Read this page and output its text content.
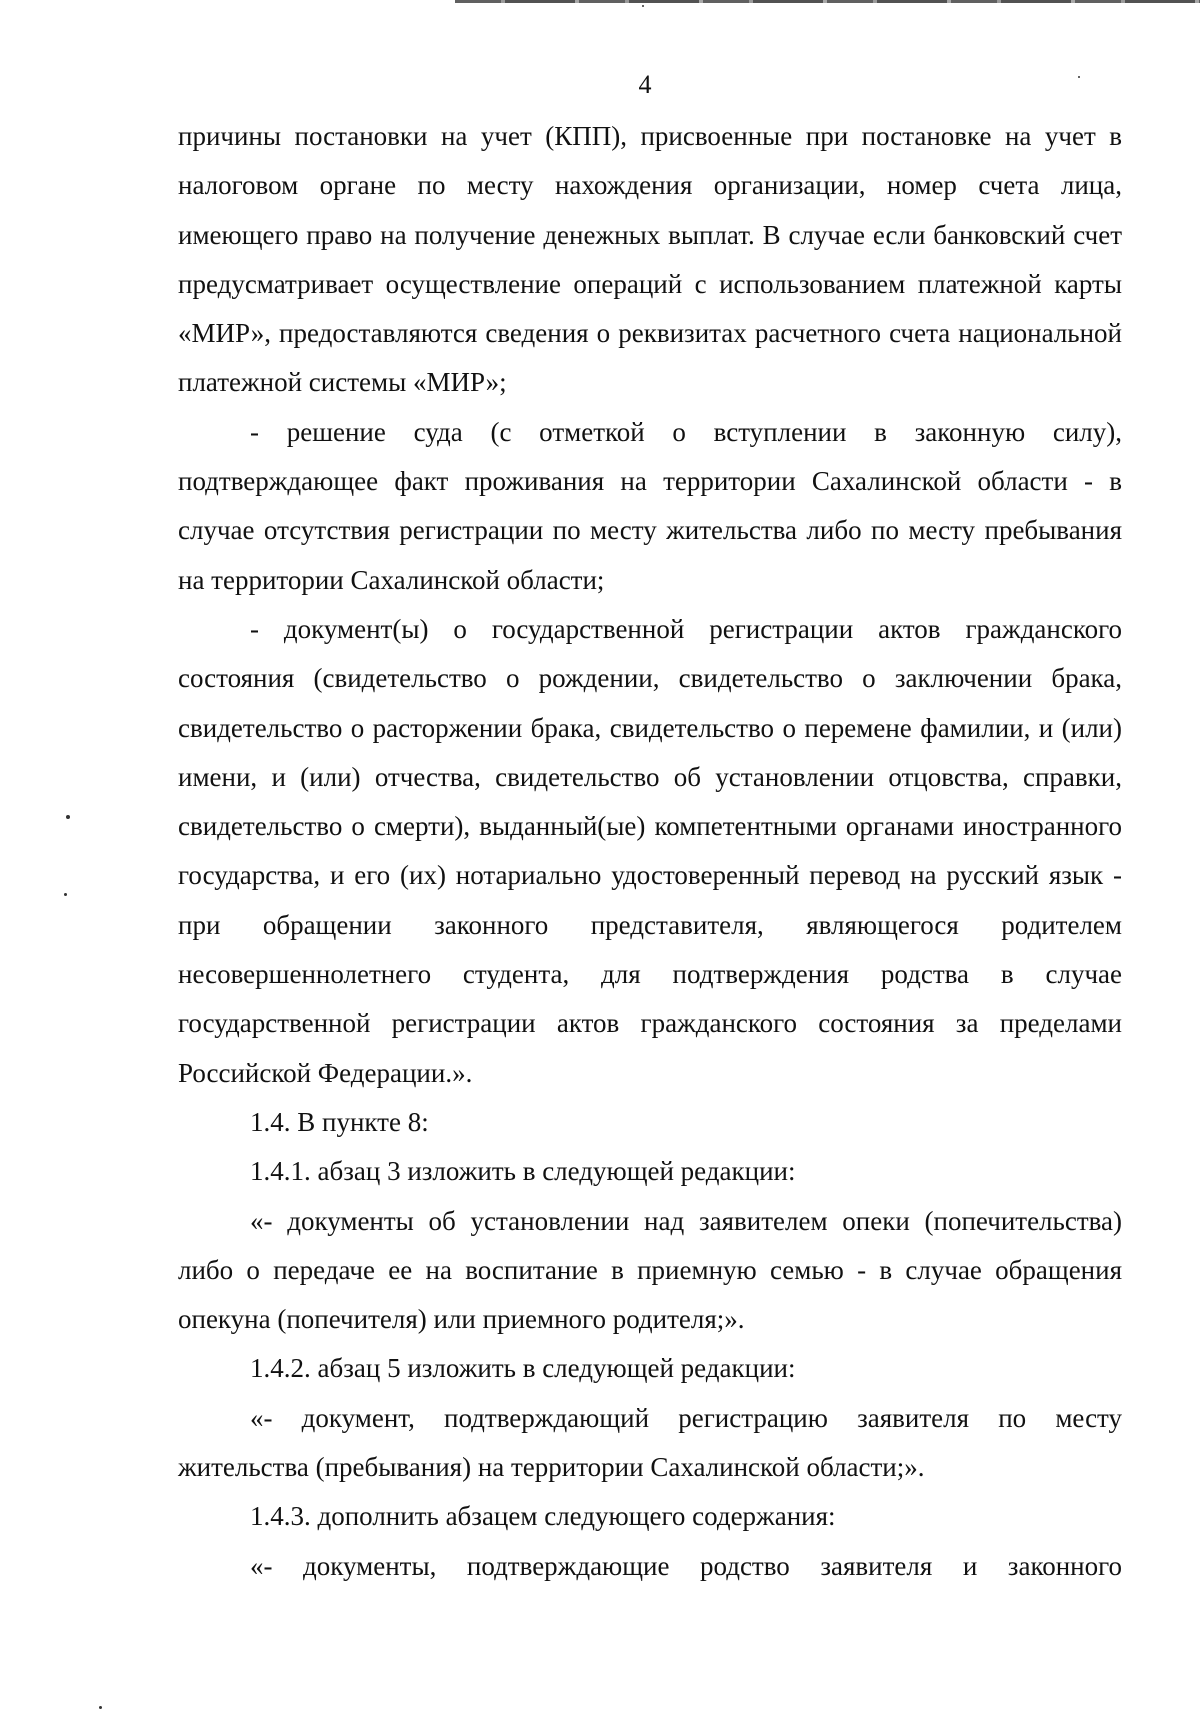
4

причины постановки на учет (КПП), присвоенные при постановке на учет в налоговом органе по месту нахождения организации, номер счета лица, имеющего право на получение денежных выплат. В случае если банковский счет предусматривает осуществление операций с использованием платежной карты «МИР», предоставляются сведения о реквизитах расчетного счета национальной платежной системы «МИР»;

- решение суда (с отметкой о вступлении в законную силу), подтверждающее факт проживания на территории Сахалинской области - в случае отсутствия регистрации по месту жительства либо по месту пребывания на территории Сахалинской области;

- документ(ы) о государственной регистрации актов гражданского состояния (свидетельство о рождении, свидетельство о заключении брака, свидетельство о расторжении брака, свидетельство о перемене фамилии, и (или) имени, и (или) отчества, свидетельство об установлении отцовства, справки, свидетельство о смерти), выданный(ые) компетентными органами иностранного государства, и его (их) нотариально удостоверенный перевод на русский язык - при обращении законного представителя, являющегося родителем несовершеннолетнего студента, для подтверждения родства в случае государственной регистрации актов гражданского состояния за пределами Российской Федерации.».

1.4. В пункте 8:

1.4.1. абзац 3 изложить в следующей редакции:

«- документы об установлении над заявителем опеки (попечительства) либо о передаче ее на воспитание в приемную семью - в случае обращения опекуна (попечителя) или приемного родителя;».

1.4.2. абзац 5 изложить в следующей редакции:

«- документ, подтверждающий регистрацию заявителя по месту жительства (пребывания) на территории Сахалинской области;».

1.4.3. дополнить абзацем следующего содержания:

«- документы, подтверждающие родство заявителя и законного
